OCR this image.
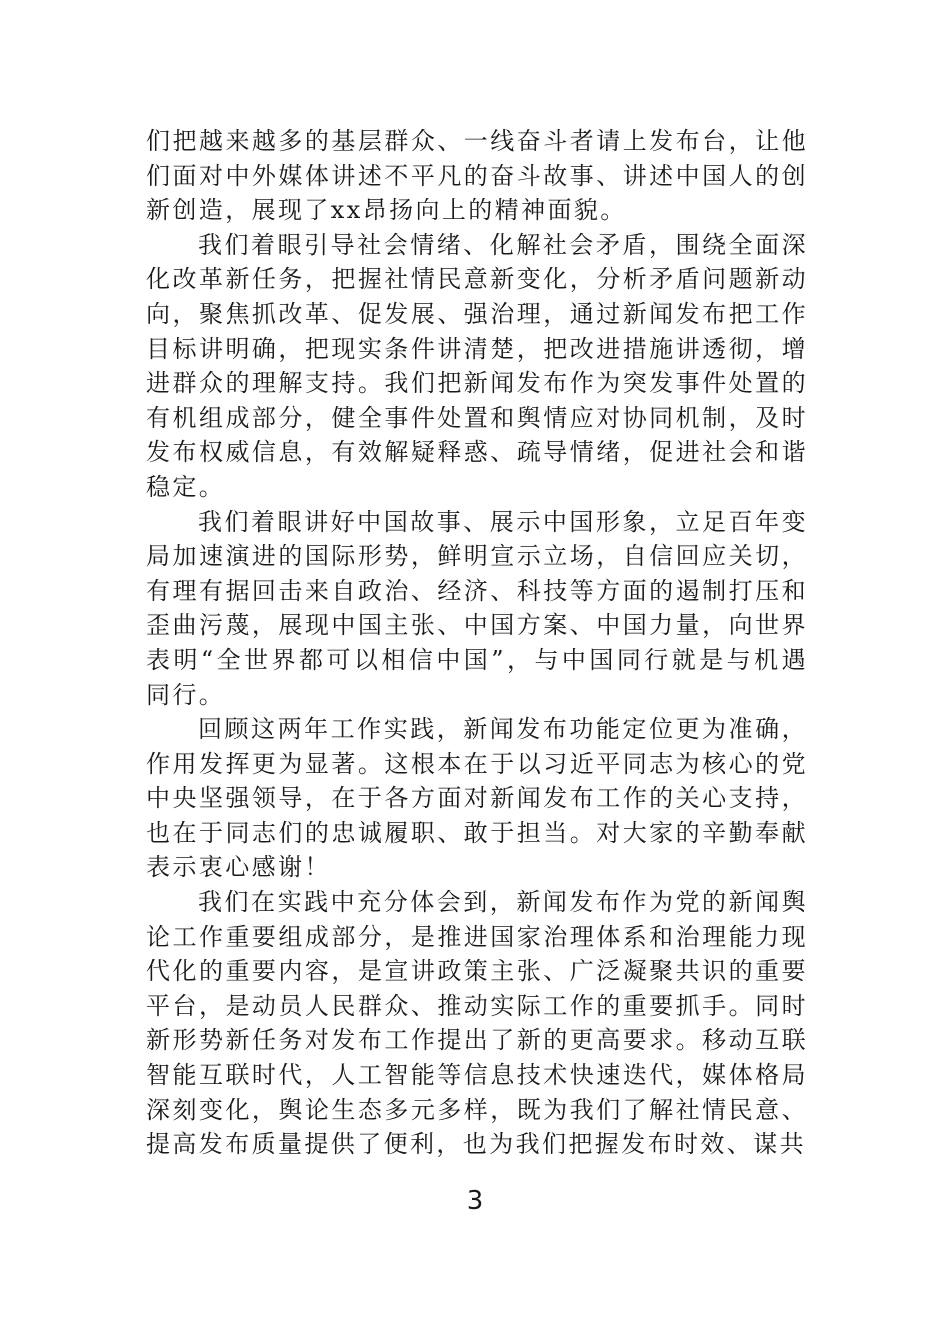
们把越来越多的基层群众、一线奋斗者请上发布台，让他们面对中外媒体讲述不平凡的奋斗故事、讲述中国人的创新创造，展现了xx昂扬向上的精神面貌。

我们着眼引导社会情绪、化解社会矛盾，围绕全面深化改革新任务，把握社情民意新变化，分析矛盾问题新动向，聚焦抓改革、促发展、强治理，通过新闻发布把工作目标讲明确，把现实条件讲清楚，把改进措施讲透彻，增进群众的理解支持。我们把新闻发布作为突发事件处置的有机组成部分，健全事件处置和舆情应对协同机制，及时发布权威信息，有效解疑释惑、疏导情绪，促进社会和谐稳定。

我们着眼讲好中国故事、展示中国形象，立足百年变局加速演进的国际形势，鲜明宣示立场，自信回应关切，有理有据回击来自政治、经济、科技等方面的遏制打压和歪曲污蔑，展现中国主张、中国方案、中国力量，向世界表明“全世界都可以相信中国”，与中国同行就是与机遇同行。

回顾这两年工作实践，新闻发布功能定位更为准确，作用发挥更为显著。这根本在于以习近平同志为核心的党中央坚强领导，在于各方面对新闻发布工作的关心支持，也在于同志们的忠诚履职、敢于担当。对大家的辛勤奉献表示衷心感谢！

我们在实践中充分体会到，新闻发布作为党的新闻舆论工作重要组成部分，是推进国家治理体系和治理能力现代化的重要内容，是宣讲政策主张、广泛凝聚共识的重要平台，是动员人民群众、推动实际工作的重要抓手。同时新形势新任务对发布工作提出了新的更高要求。移动互联智能互联时代，人工智能等信息技术快速迭代，媒体格局深刻变化，舆论生态多元多样，既为我们了解社情民意、提高发布质量提供了便利，也为我们把握发布时效、谋共

3
